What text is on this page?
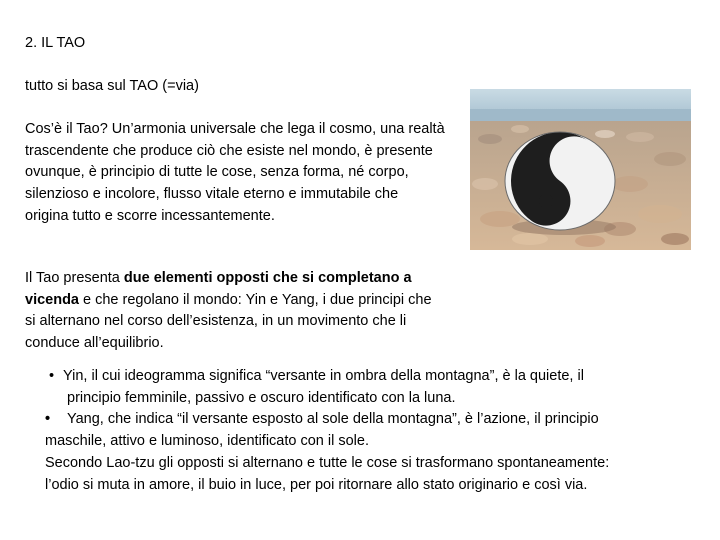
2. IL TAO
tutto si basa sul TAO (=via)
Cos’è il Tao? Un’armonia universale che lega il cosmo, una realtà trascendente che produce ciò che esiste nel mondo, è presente ovunque, è principio di tutte le cose, senza forma, né corpo, silenzioso e incolore, flusso vitale eterno e immutabile che origina tutto e scorre incessantemente.
Il Tao presenta due elementi opposti che si completano a vicenda e che regolano il mondo: Yin e Yang, i due principi che si alternano nel corso dell’esistenza, in un movimento che li conduce all’equilibrio.
• Yin, il cui ideogramma significa “versante in ombra della montagna”, è la quiete, il principio femminile, passivo e oscuro identificato con la luna.
• Yang, che indica “il versante esposto al sole della montagna”, è l’azione, il principio maschile, attivo e luminoso, identificato con il sole.
Secondo Lao-tzu gli opposti si alternano e tutte le cose si trasformano spontaneamente: l’odio si muta in amore, il buio in luce, per poi ritornare allo stato originario e così via.
